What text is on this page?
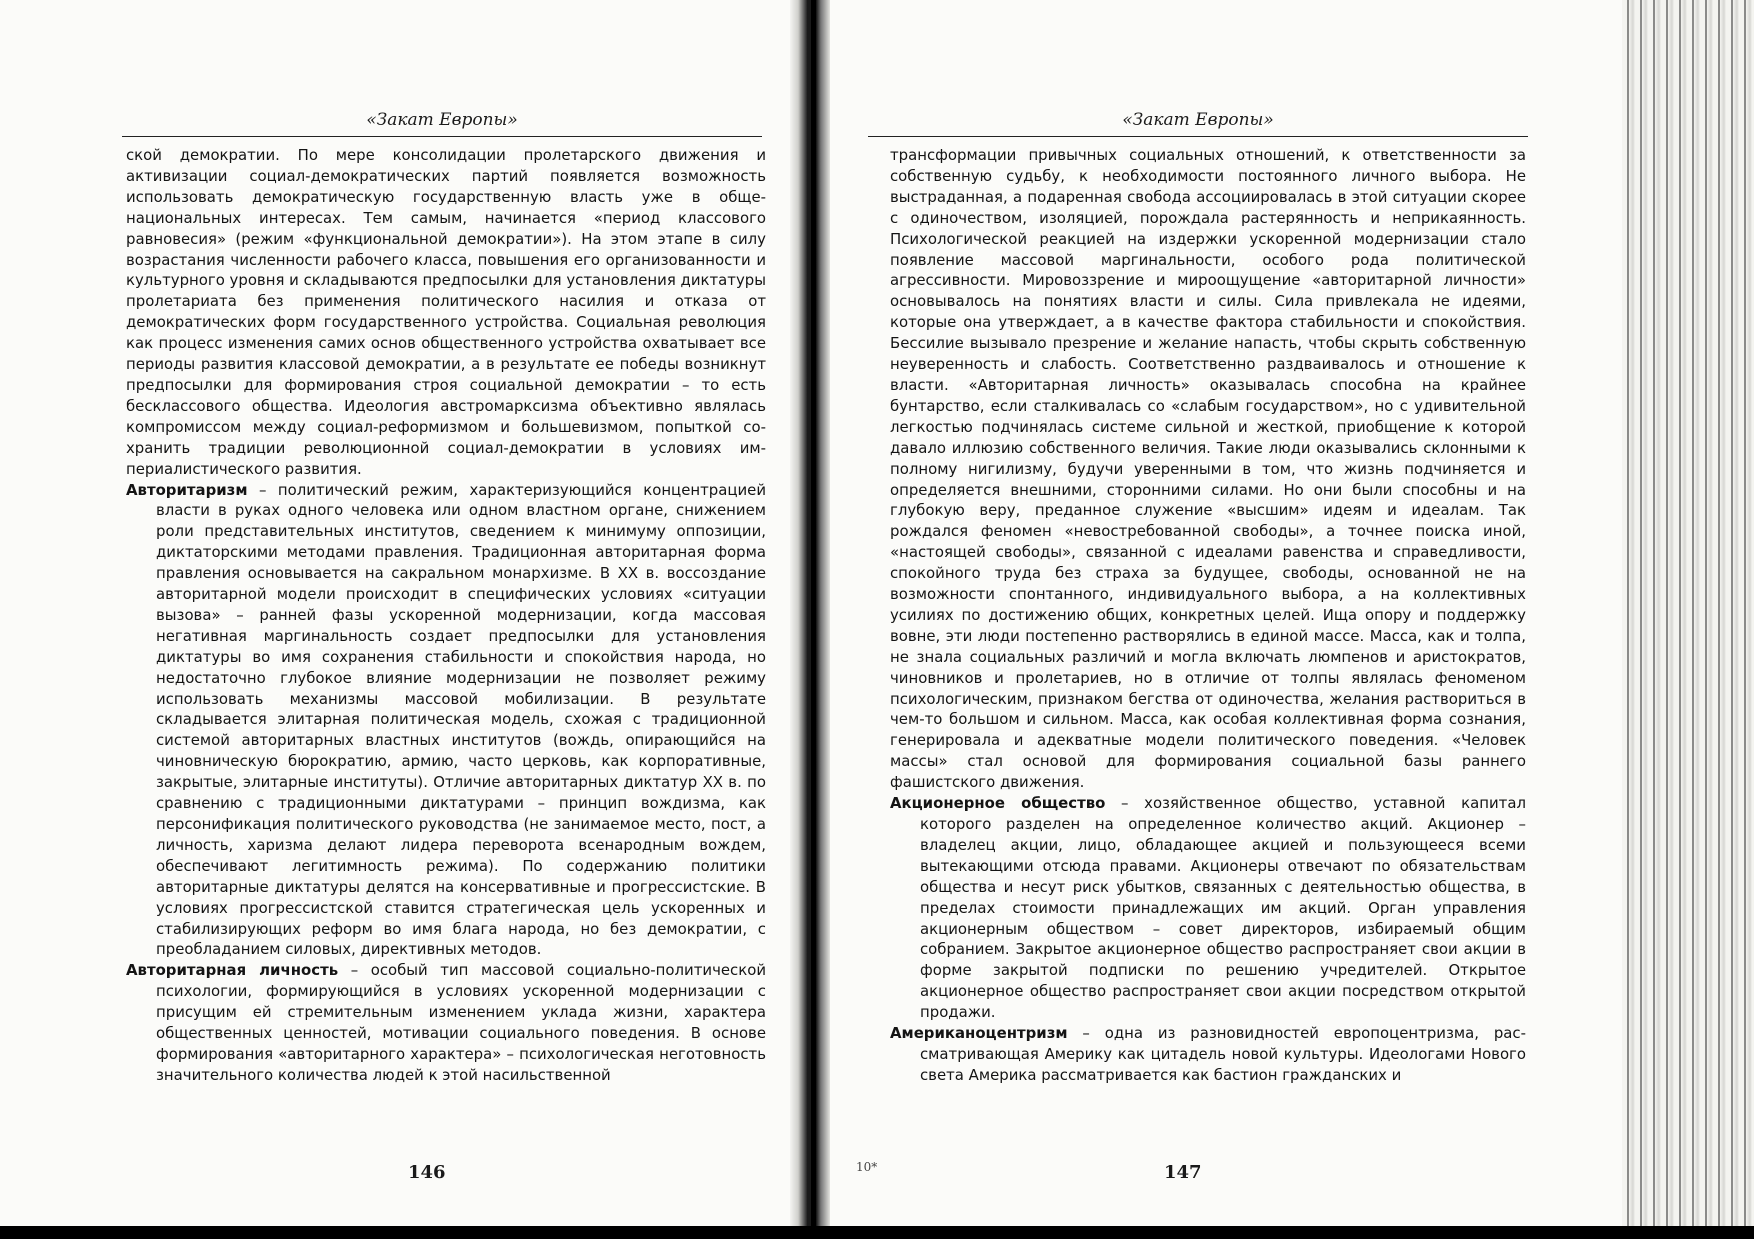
«Закат Европы»

ской демократии. По мере консолидации пролетарского движения и активизации социал-демократических партий появляется возможность использовать демократическую государственную власть уже в общенациональных интересах. Тем самым, начинается «период классового равновесия» (режим «функциональной демократии»). На этом этапе в силу возрастания численности рабочего класса, повышения его организованности и культурного уровня и складываются предпосылки для установления диктатуры пролетариата без применения политического насилия и отказа от демократических форм государственного устройства. Социальная революция как процесс изменения самих основ общественного устройства охватывает все периоды развития классовой демократии, а в результате ее победы возникнут предпосылки для формирования строя социальной демократии – то есть бесклассового общества. Идеология австромарксизма объективно являлась компромиссом между социал-реформизмом и большевизмом, попыткой сохранить традиции революционной социал-демократии в условиях империалистического развития.

Авторитаризм – политический режим, характеризующийся концентрацией власти в руках одного человека или одном властном органе, снижением роли представительных институтов, сведением к минимуму оппозиции, диктаторскими методами правления. Традиционная авторитарная форма правления основывается на сакральном монархизме. В XX в. воссоздание авторитарной модели происходит в специфических условиях «ситуации вызова» – ранней фазы ускоренной модернизации, когда массовая негативная маргинальность создает предпосылки для установления диктатуры во имя сохранения стабильности и спокойствия народа, но недостаточно глубокое влияние модернизации не позволяет режиму использовать механизмы массовой мобилизации. В результате складывается элитарная политическая модель, схожая с традиционной системой авторитарных властных институтов (вождь, опирающийся на чиновническую бюрократию, армию, часто церковь, как корпоративные, закрытые, элитарные институты). Отличие авторитарных диктатур XX в. по сравнению с традиционными диктатурами – принцип вождизма, как персонификация политического руководства (не занимаемое место, пост, а личность, харизма делают лидера переворота всенародным вождем, обеспечивают легитимность режима). По содержанию политики авторитарные диктатуры делятся на консервативные и прогрессистские. В условиях прогрессистской ставится стратегическая цель ускоренных и стабилизирующих реформ во имя блага народа, но без демократии, с преобладанием силовых, директивных методов.

Авторитарная личность – особый тип массовой социально-политической психологии, формирующийся в условиях ускоренной модернизации с присущим ей стремительным изменением уклада жизни, характера общественных ценностей, мотивации социального поведения. В основе формирования «авторитарного характера» – психологическая неготовность значительного количества людей к этой насильственной

146
«Закат Европы»

трансформации привычных социальных отношений, к ответственности за собственную судьбу, к необходимости постоянного личного выбора. Не выстраданная, а подаренная свобода ассоциировалась в этой ситуации скорее с одиночеством, изоляцией, порождала растерянность и неприкаянность. Психологической реакцией на издержки ускоренной модернизации стало появление массовой маргинальности, особого рода политической агрессивности. Мировоззрение и мироощущение «авторитарной личности» основывалось на понятиях власти и силы. Сила привлекала не идеями, которые она утверждает, а в качестве фактора стабильности и спокойствия. Бессилие вызывало презрение и желание напасть, чтобы скрыть собственную неуверенность и слабость. Соответственно раздваивалось и отношение к власти. «Авторитарная личность» оказывалась способна на крайнее бунтарство, если сталкивалась со «слабым государством», но с удивительной легкостью подчинялась системе сильной и жесткой, приобщение к которой давало иллюзию собственного величия. Такие люди оказывались склонными к полному нигилизму, будучи уверенными в том, что жизнь подчиняется и определяется внешними, сторонними силами. Но они были способны и на глубокую веру, преданное служение «высшим» идеям и идеалам. Так рождался феномен «невостребованной свободы», а точнее поиска иной, «настоящей свободы», связанной с идеалами равенства и справедливости, спокойного труда без страха за будущее, свободы, основанной не на возможности спонтанного, индивидуального выбора, а на коллективных усилиях по достижению общих, конкретных целей. Ища опору и поддержку вовне, эти люди постепенно растворялись в единой массе. Масса, как и толпа, не знала социальных различий и могла включать люмпенов и аристократов, чиновников и пролетариев, но в отличие от толпы являлась феноменом психологическим, признаком бегства от одиночества, желания раствориться в чем-то большом и сильном. Масса, как особая коллективная форма сознания, генерировала и адекватные модели политического поведения. «Человек массы» стал основой для формирования социальной базы раннего фашистского движения.

Акционерное общество – хозяйственное общество, уставной капитал которого разделен на определенное количество акций. Акционер – владелец акции, лицо, обладающее акцией и пользующееся всеми вытекающими отсюда правами. Акционеры отвечают по обязательствам общества и несут риск убытков, связанных с деятельностью общества, в пределах стоимости принадлежащих им акций. Орган управления акционерным обществом – совет директоров, избираемый общим собранием. Закрытое акционерное общество распространяет свои акции в форме закрытой подписки по решению учредителей. Открытое акционерное общество распространяет свои акции посредством открытой продажи.

Американоцентризм – одна из разновидностей европоцентризма, рассматривающая Америку как цитадель новой культуры. Идеологами Нового света Америка рассматривается как бастион гражданских и

10*	147
